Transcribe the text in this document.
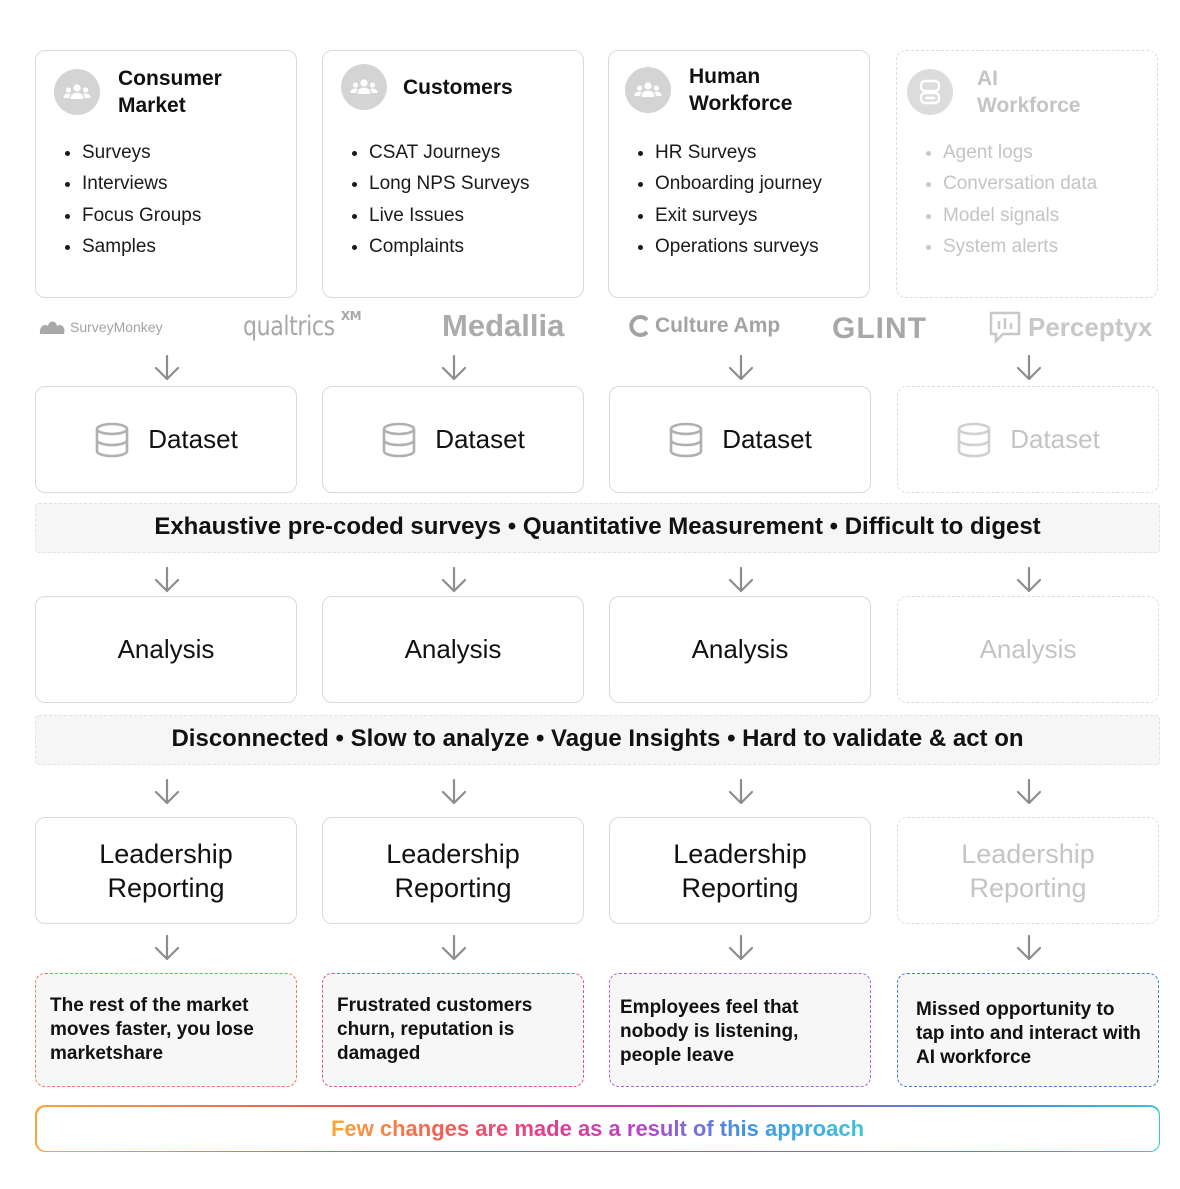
Consumer Market
Surveys
Interviews
Focus Groups
Samples
Customers
CSAT Journeys
Long NPS Surveys
Live Issues
Complaints
Human Workforce
HR Surveys
Onboarding journey
Exit surveys
Operations surveys
AI Workforce
Agent logs
Conversation data
Model signals
System alerts
SurveyMonkey	qualtrics $^{XM}$	Medallia	Culture Amp GLINT	Perceptyx
Dataset	Dataset	Dataset	Dataset
Exhaustive pre-coded surveys • Quantitative Measurement • Difficult to digest
Analysis	Analysis	Analysis	Analysis
Disconnected • Slow to analyze • Vague Insights • Hard to validate & act on
Leadership
Reporting
Leadership
Reporting
Leadership
Reporting
Leadership
Reporting
The rest of the market moves faster, you lose marketshare
Frustrated customers churn, reputation is damaged
Employees feel that nobody is listening, people leave
Missed opportunity to tap into and interact with AI workforce
Few changes are made as a result of this approach
